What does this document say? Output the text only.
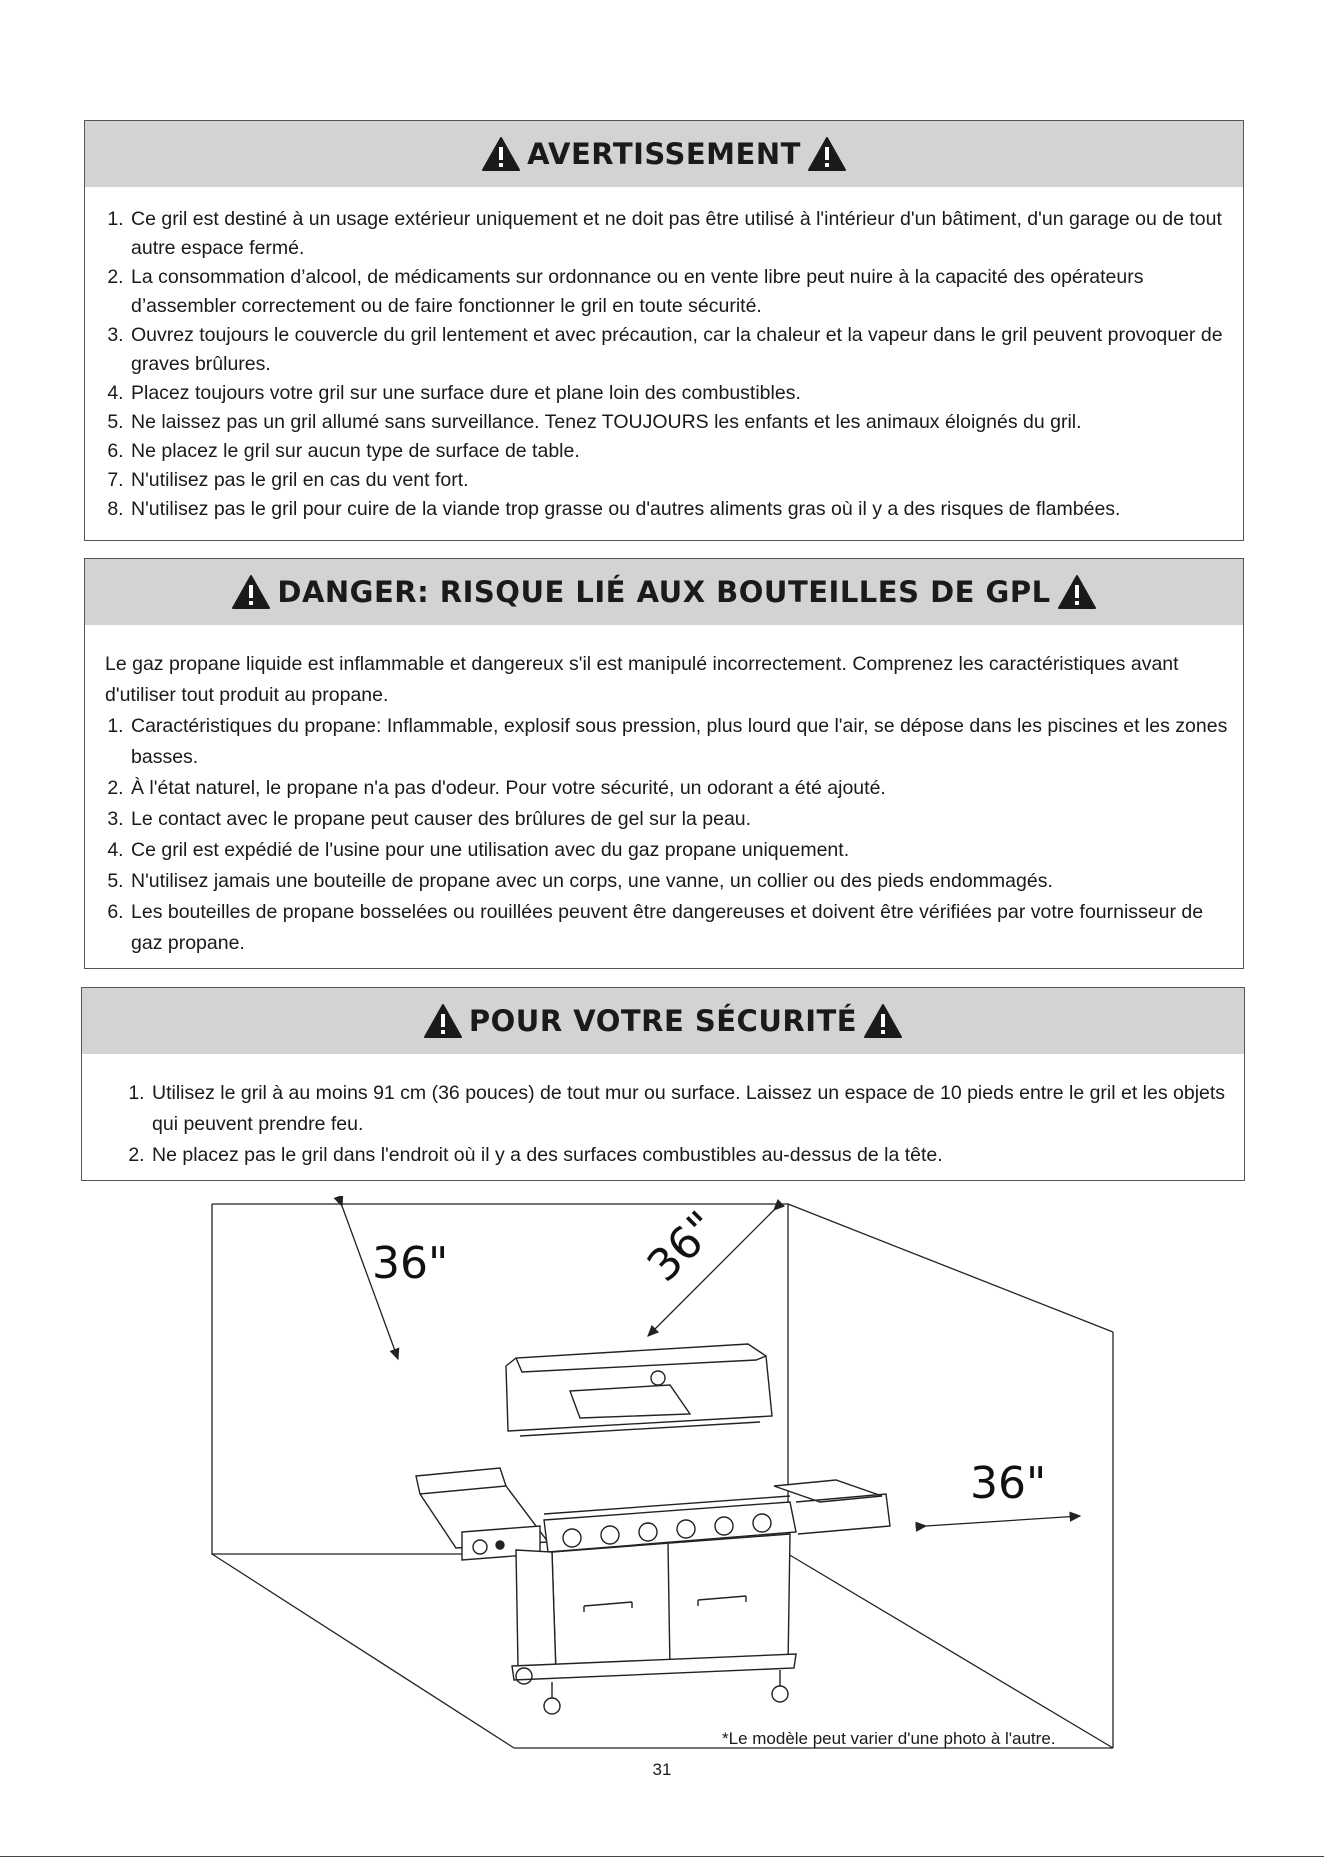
AVERTISSEMENT
1. Ce gril est destiné à un usage extérieur uniquement et ne doit pas être utilisé à l'intérieur d'un bâtiment, d'un garage ou de tout autre espace fermé.
2. La consommation d’alcool, de médicaments sur ordonnance ou en vente libre peut nuire à la capacité des opérateurs d’assembler correctement ou de faire fonctionner le gril en toute sécurité.
3. Ouvrez toujours le couvercle du gril lentement et avec précaution, car la chaleur et la vapeur dans le gril peuvent provoquer de graves brûlures.
4. Placez toujours votre gril sur une surface dure et plane loin des combustibles.
5. Ne laissez pas un gril allumé sans surveillance. Tenez TOUJOURS les enfants et les animaux éloignés du gril.
6. Ne placez le gril sur aucun type de surface de table.
7. N'utilisez pas le gril en cas du vent fort.
8. N'utilisez pas le gril pour cuire de la viande trop grasse ou d'autres aliments gras où il y a des risques de flambées.
DANGER: RISQUE LIÉ AUX BOUTEILLES DE GPL

Le gaz propane liquide est inflammable et dangereux s'il est manipulé incorrectement. Comprenez les caractéristiques avant d'utiliser tout produit au propane.

1. Caractéristiques du propane: Inflammable, explosif sous pression, plus lourd que l'air, se dépose dans les piscines et les zones basses.
2. À l'état naturel, le propane n'a pas d'odeur. Pour votre sécurité, un odorant a été ajouté.
3. Le contact avec le propane peut causer des brûlures de gel sur la peau.
4. Ce gril est expédié de l'usine pour une utilisation avec du gaz propane uniquement.
5. N'utilisez jamais une bouteille de propane avec un corps, une vanne, un collier ou des pieds endommagés.
6. Les bouteilles de propane bosselées ou rouillées peuvent être dangereuses et doivent être vérifiées par votre fournisseur de gaz propane.
POUR VOTRE SÉCURITÉ
1. Utilisez le gril à au moins 91 cm (36 pouces) de tout mur ou surface. Laissez un espace de 10 pieds entre le gril et les objets qui peuvent prendre feu.
2. Ne placez pas le gril dans l'endroit où il y a des surfaces combustibles au-dessus de la tête.
36"	36"
36"
*Le modèle peut varier d'une photo à l'autre.
31
